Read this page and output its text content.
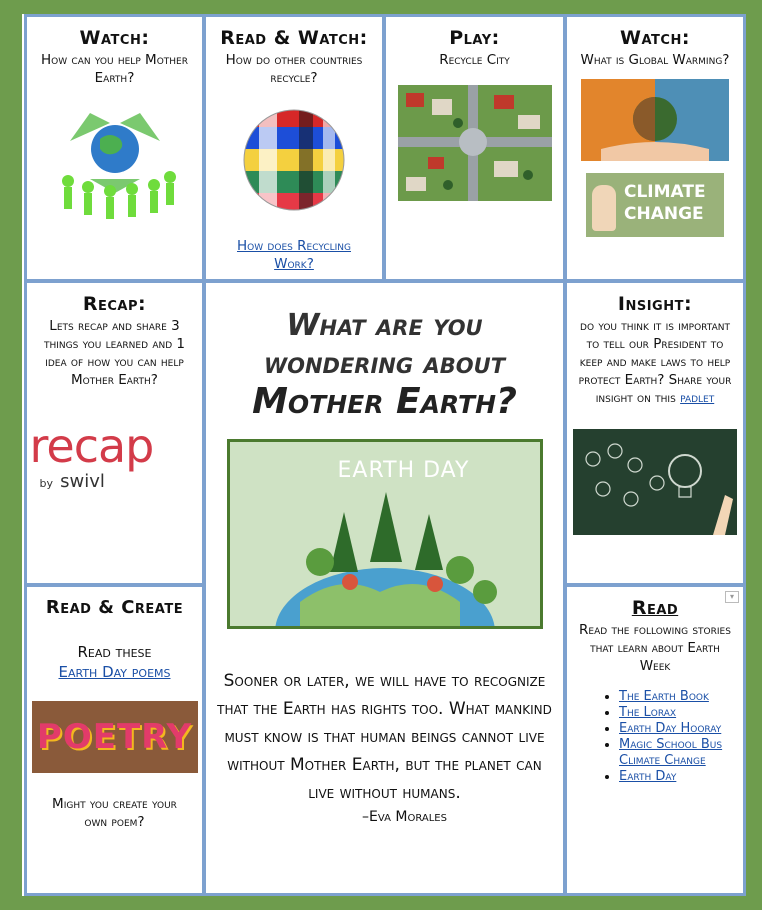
Watch:
How can you help Mother Earth?
Read & Watch:
How do other countries recycle?
How does Recycling Work?
Play:
Recycle City
Watch:
What is Global Warming?
CLIMATE CHANGE
Recap:
Lets recap and share 3 things you learned and 1 idea of how you can help Mother Earth?
recap
by swivl
What are you
wondering about
Mother Earth?
EARTH DAY
Sooner or later, we will have to recognize that the Earth has rights too. What mankind must know is that human beings cannot live without Mother Earth, but the planet can live without humans.
–Eva Morales
Insight:
do you think it is important to tell our President to keep and make laws to help protect Earth? Share your insight on this padlet
Read & Create
Read these
Earth Day poems
POETRY
Might you create your own poem?
▾
Read
Read the following stories that learn about Earth Week
• The Earth Book
• The Lorax
• Earth Day Hooray
• Magic School Bus Climate Change
• Earth Day
